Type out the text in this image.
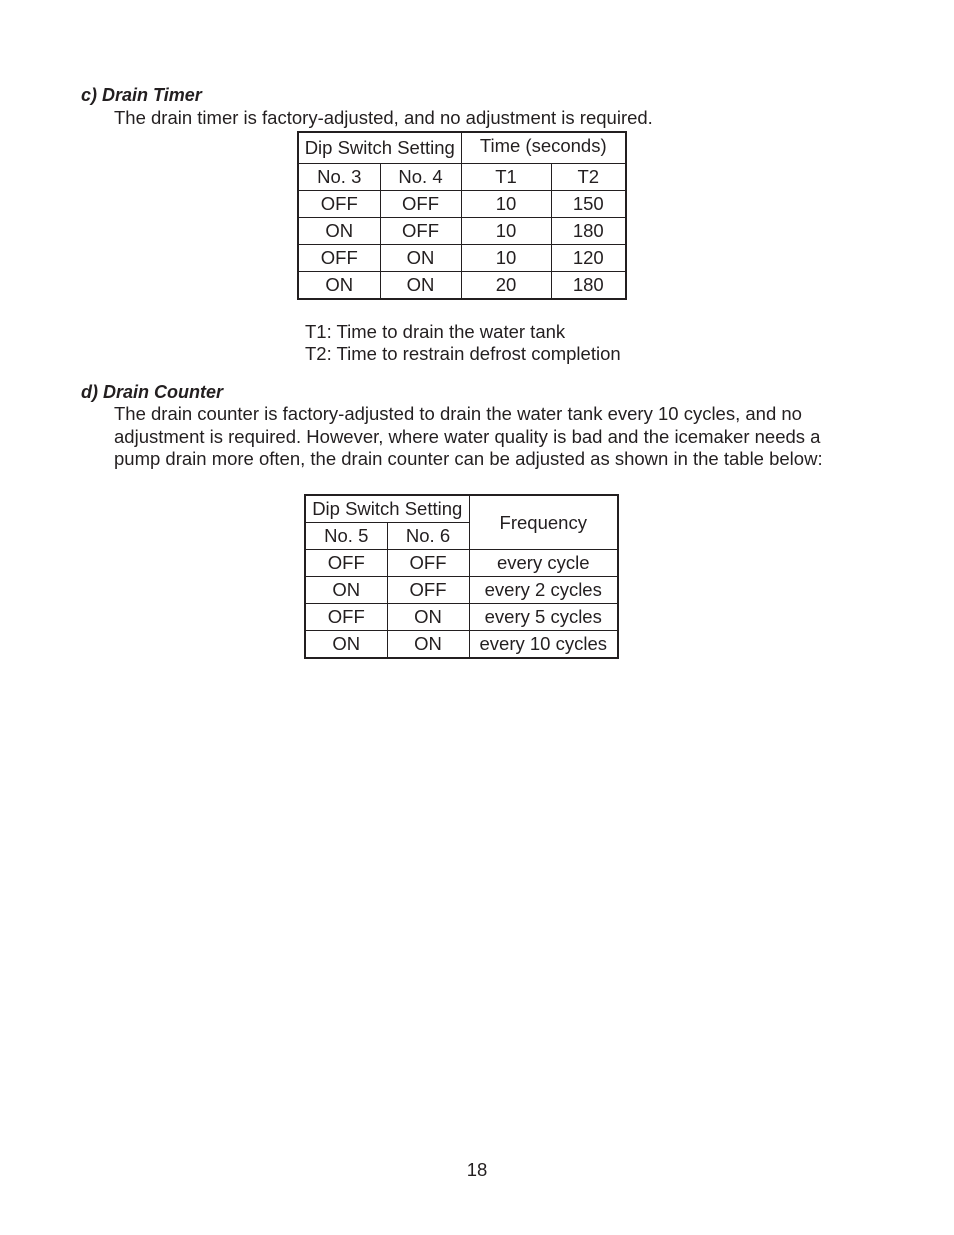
c) Drain Timer

The drain timer is factory-adjusted, and no adjustment is required.

Dip Switch Setting		Time (seconds)	
No. 3	No. 4	T1	T2
OFF	OFF	10	150
ON	OFF	10	180
OFF	ON	10	120
ON	ON	20	180
T1: Time to drain the water tank
T2: Time to restrain defrost completion
d) Drain Counter

The drain counter is factory-adjusted to drain the water tank every 10 cycles, and no
adjustment is required. However, where water quality is bad and the icemaker needs a
pump drain more often, the drain counter can be adjusted as shown in the table below:

Dip Switch Setting		Frequency
No. 5	No. 6	
OFF	OFF	every cycle
ON	OFF	every 2 cycles
OFF	ON	every 5 cycles
ON	ON	every 10 cycles
18
